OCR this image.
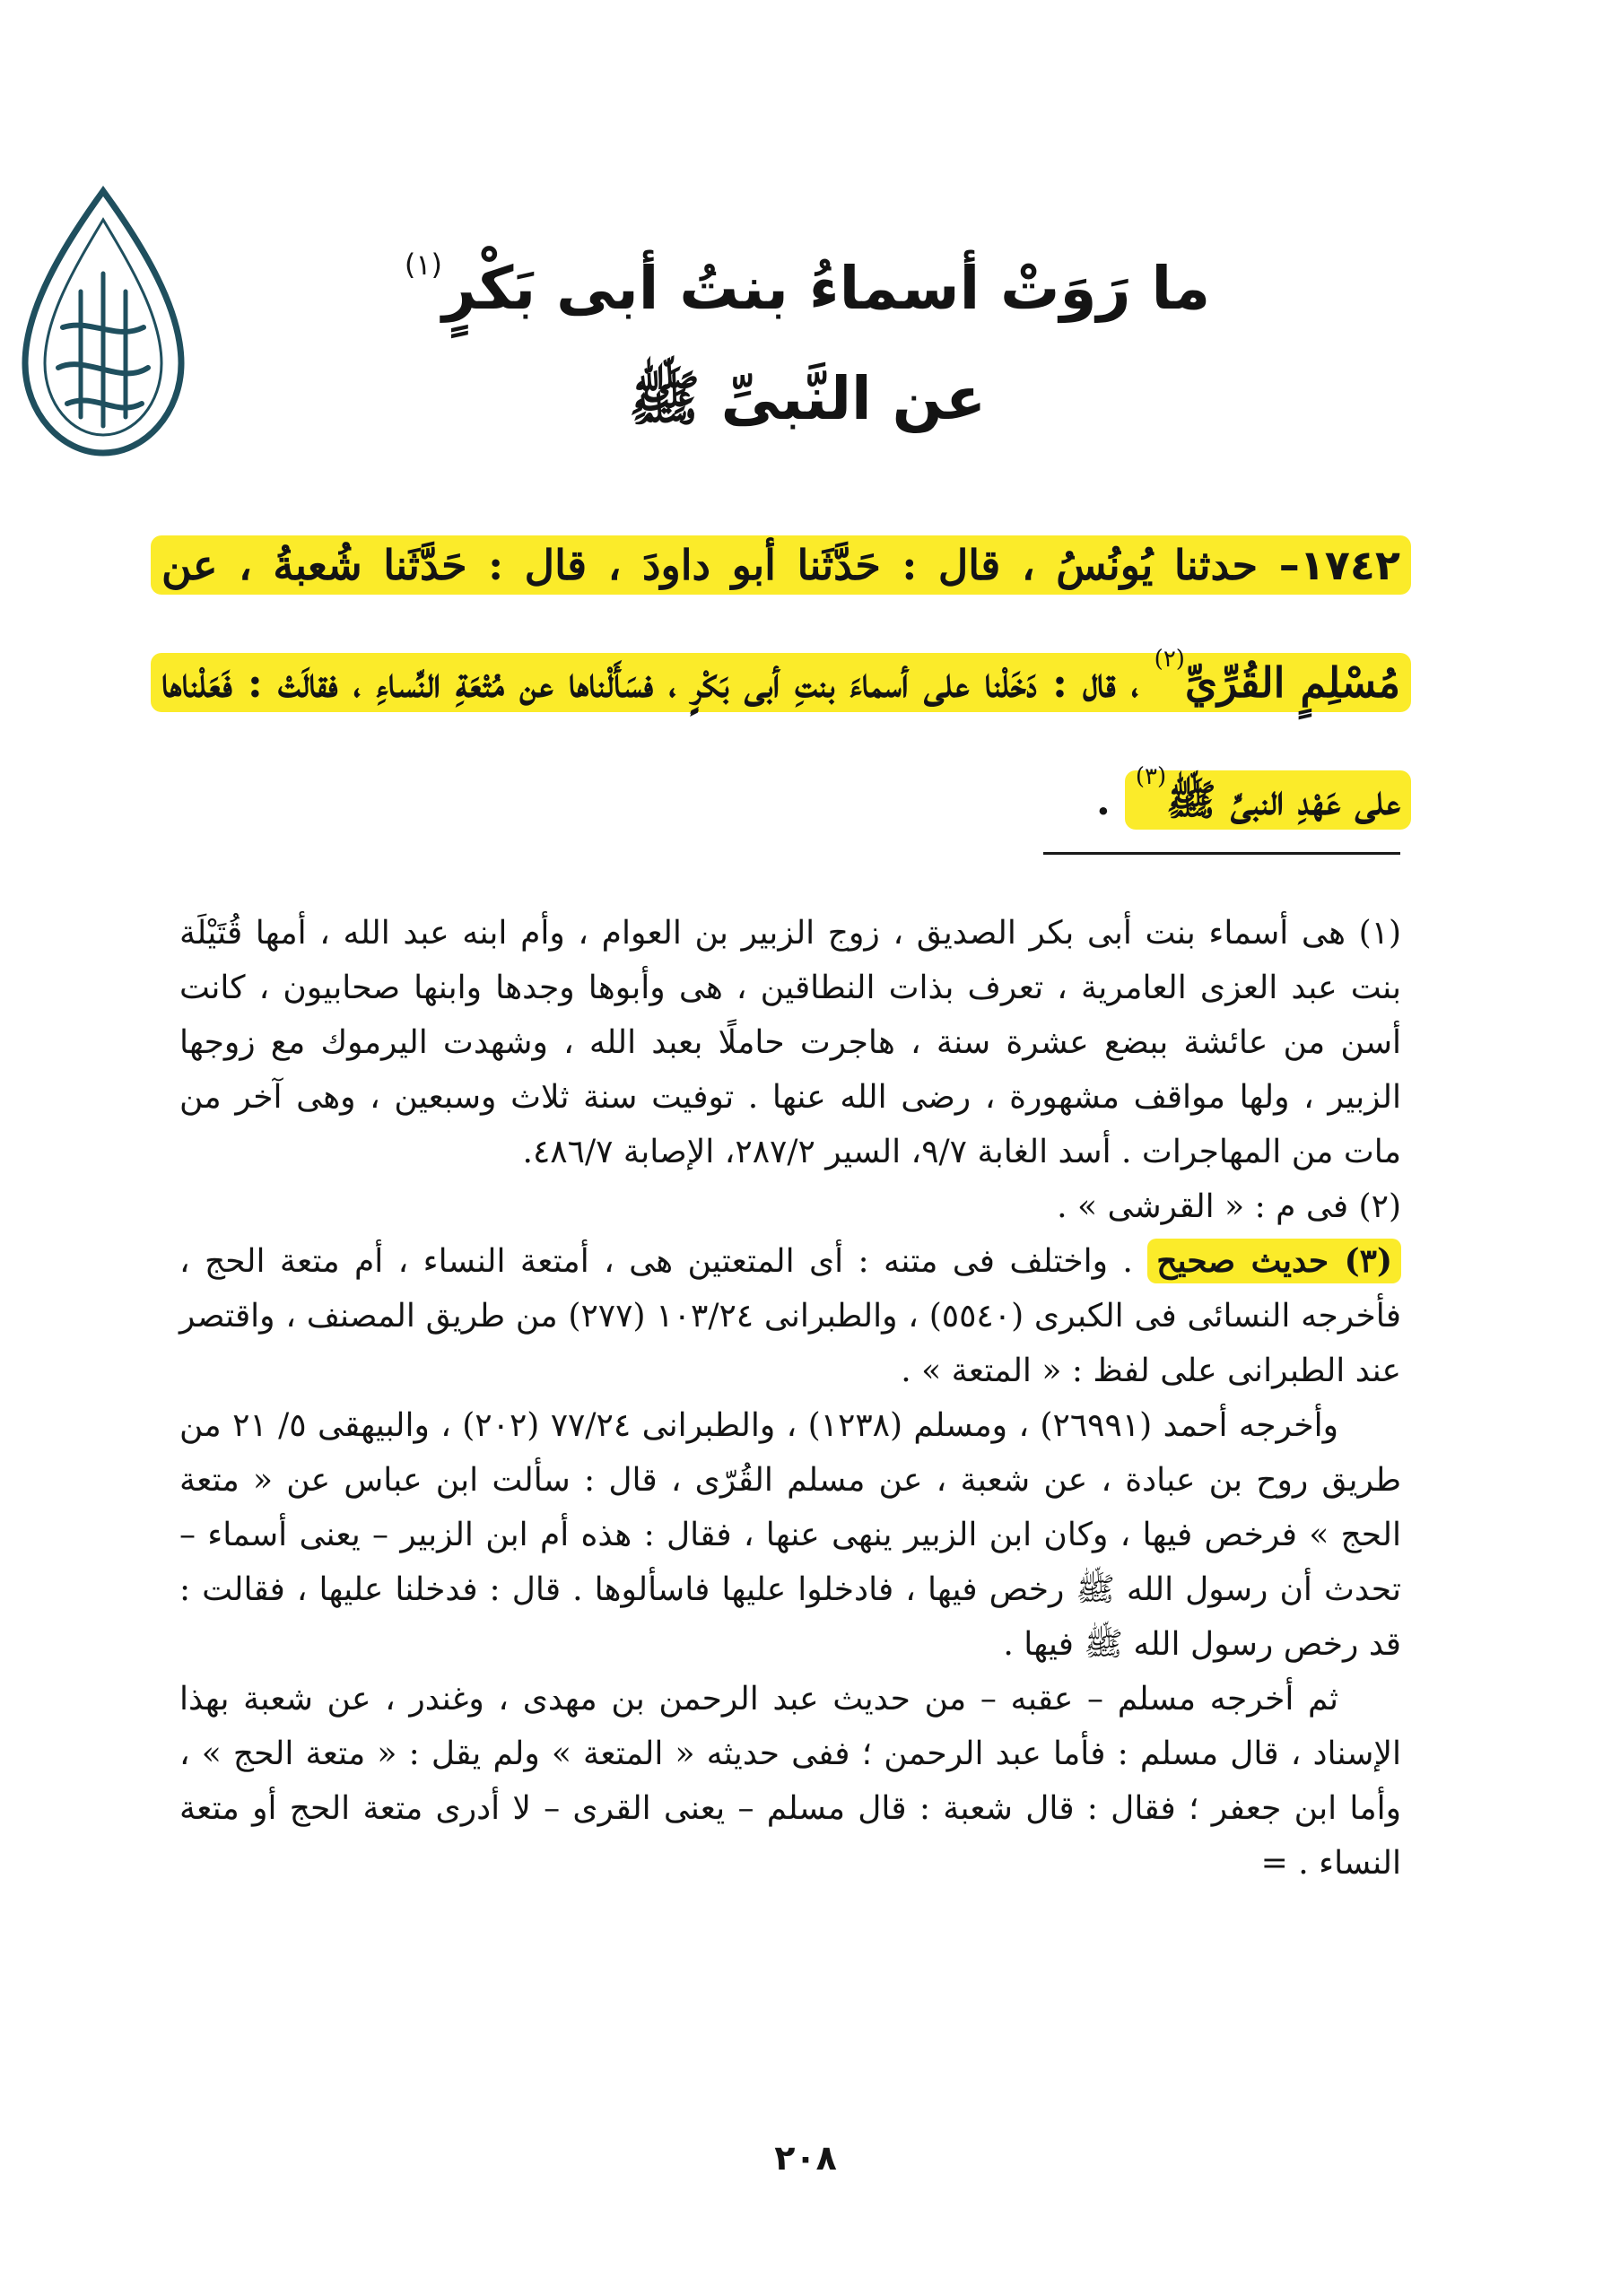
ما رَوَتْ أسماءُ بنتُ أبى بَكْرٍ$^{(١)}$
عن النَّبىِّ ﷺ
١٧٤٢– حدثنا يُونُسُ ، قال : حَدَّثَنا أبو داودَ ، قال : حَدَّثَنا شُعبةُ ، عن مُسْلِمٍ القُرِّيِّ$^{(٢)}$ ، قال : دَخَلْنا على أسماءَ بنتِ أبى بَكْرٍ ، فسَأَلْناها عن مُتْعَةِ النِّساءِ ، فقالَتْ : فَعَلْناها على عَهْدِ النبىِّ ﷺ$^{(٣)}$ .

(١) هى أسماء بنت أبى بكر الصديق ، زوج الزبير بن العوام ، وأم ابنه عبد الله ، أمها قُتَيْلَة بنت عبد العزى العامرية ، تعرف بذات النطاقين ، هى وأبوها وجدها وابنها صحابيون ، كانت أسن من عائشة ببضع عشرة سنة ، هاجرت حاملًا بعبد الله ، وشهدت اليرموك مع زوجها الزبير ، ولها مواقف مشهورة ، رضى الله عنها . توفيت سنة ثلاث وسبعين ، وهى آخر من مات من المهاجرات . أسد الغابة ٧/‏٩، السير ٢/‏٢٨٧، الإصابة ٧/‏٤٨٦.

(٢) فى م : « القرشى » .

(٣) حديث صحيح . واختلف فى متنه : أى المتعتين هى ، أمتعة النساء ، أم متعة الحج ، فأخرجه النسائى فى الكبرى (٥٥٤٠) ، والطبرانى ٢٤/‏١٠٣ (٢٧٧) من طريق المصنف ، واقتصر عند الطبرانى على لفظ : « المتعة » .

وأخرجه أحمد (٢٦٩٩١) ، ومسلم (١٢٣٨) ، والطبرانى ٢٤/‏٧٧ (٢٠٢) ، والبيهقى ٥/‏ ٢١ من طريق روح بن عبادة ، عن شعبة ، عن مسلم القُرّى ، قال : سألت ابن عباس عن « متعة الحج » فرخص فيها ، وكان ابن الزبير ينهى عنها ، فقال : هذه أم ابن الزبير – يعنى أسماء – تحدث أن رسول الله ﷺ رخص فيها ، فادخلوا عليها فاسألوها . قال : فدخلنا عليها ، فقالت : قد رخص رسول الله ﷺ فيها .

ثم أخرجه مسلم – عقبه – من حديث عبد الرحمن بن مهدى ، وغندر ، عن شعبة بهذا الإسناد ، قال مسلم : فأما عبد الرحمن ؛ ففى حديثه « المتعة » ولم يقل : « متعة الحج » ، وأما ابن جعفر ؛ فقال : قال شعبة : قال مسلم – يعنى القرى – لا أدرى متعة الحج أو متعة النساء . =

٢٠٨
